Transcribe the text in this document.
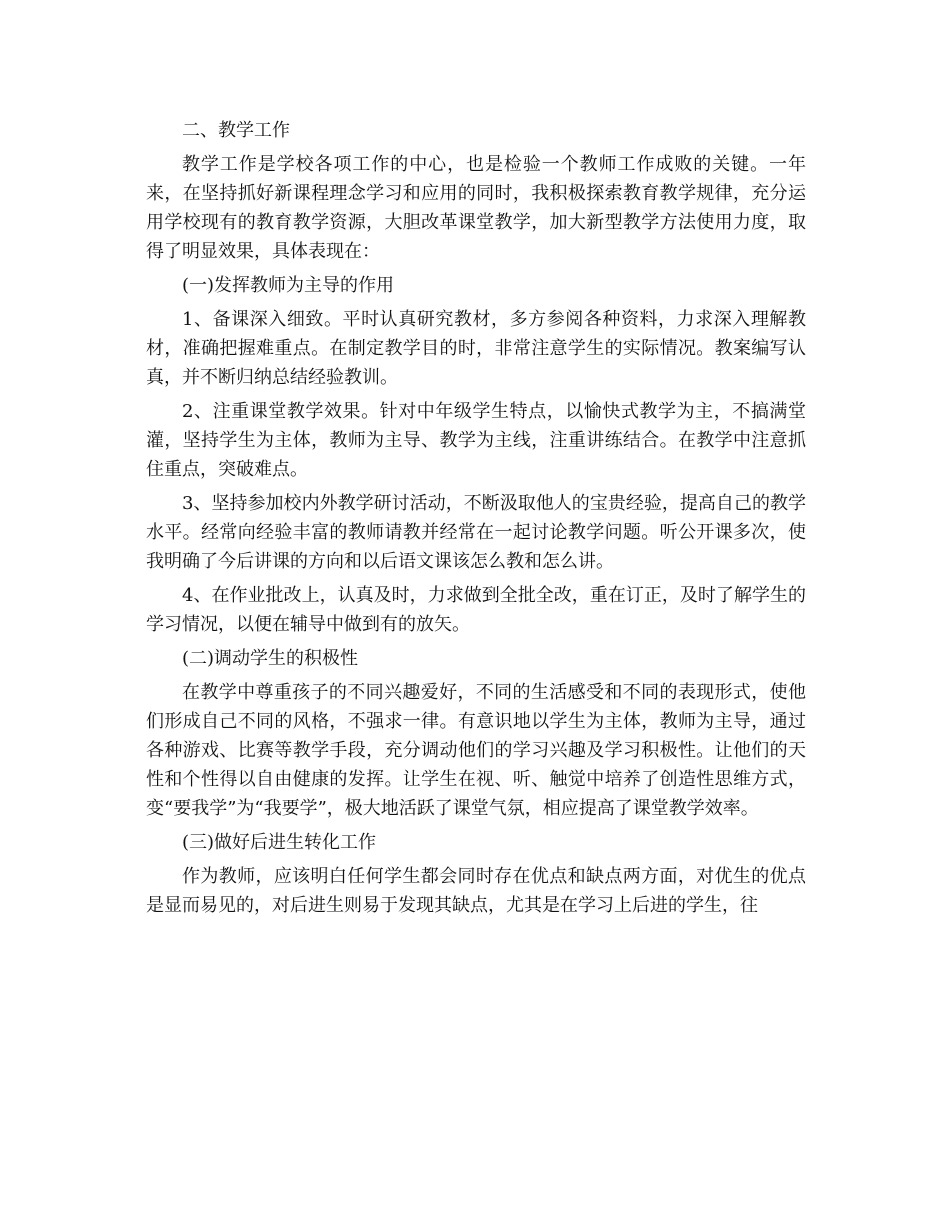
二、教学工作

教学工作是学校各项工作的中心，也是检验一个教师工作成败的关键。一年来，在坚持抓好新课程理念学习和应用的同时，我积极探索教育教学规律，充分运用学校现有的教育教学资源，大胆改革课堂教学，加大新型教学方法使用力度，取得了明显效果，具体表现在：

(一)发挥教师为主导的作用

1、备课深入细致。平时认真研究教材，多方参阅各种资料，力求深入理解教材，准确把握难重点。在制定教学目的时，非常注意学生的实际情况。教案编写认真，并不断归纳总结经验教训。

2、注重课堂教学效果。针对中年级学生特点，以愉快式教学为主，不搞满堂灌，坚持学生为主体，教师为主导、教学为主线，注重讲练结合。在教学中注意抓住重点，突破难点。

3、坚持参加校内外教学研讨活动，不断汲取他人的宝贵经验，提高自己的教学水平。经常向经验丰富的教师请教并经常在一起讨论教学问题。听公开课多次，使我明确了今后讲课的方向和以后语文课该怎么教和怎么讲。

4、在作业批改上，认真及时，力求做到全批全改，重在订正，及时了解学生的学习情况，以便在辅导中做到有的放矢。

(二)调动学生的积极性

在教学中尊重孩子的不同兴趣爱好，不同的生活感受和不同的表现形式，使他们形成自己不同的风格，不强求一律。有意识地以学生为主体，教师为主导，通过各种游戏、比赛等教学手段，充分调动他们的学习兴趣及学习积极性。让他们的天性和个性得以自由健康的发挥。让学生在视、听、触觉中培养了创造性思维方式，变“要我学”为“我要学”，极大地活跃了课堂气氛，相应提高了课堂教学效率。

(三)做好后进生转化工作

作为教师，应该明白任何学生都会同时存在优点和缺点两方面，对优生的优点是显而易见的，对后进生则易于发现其缺点，尤其是在学习上后进的学生，往
